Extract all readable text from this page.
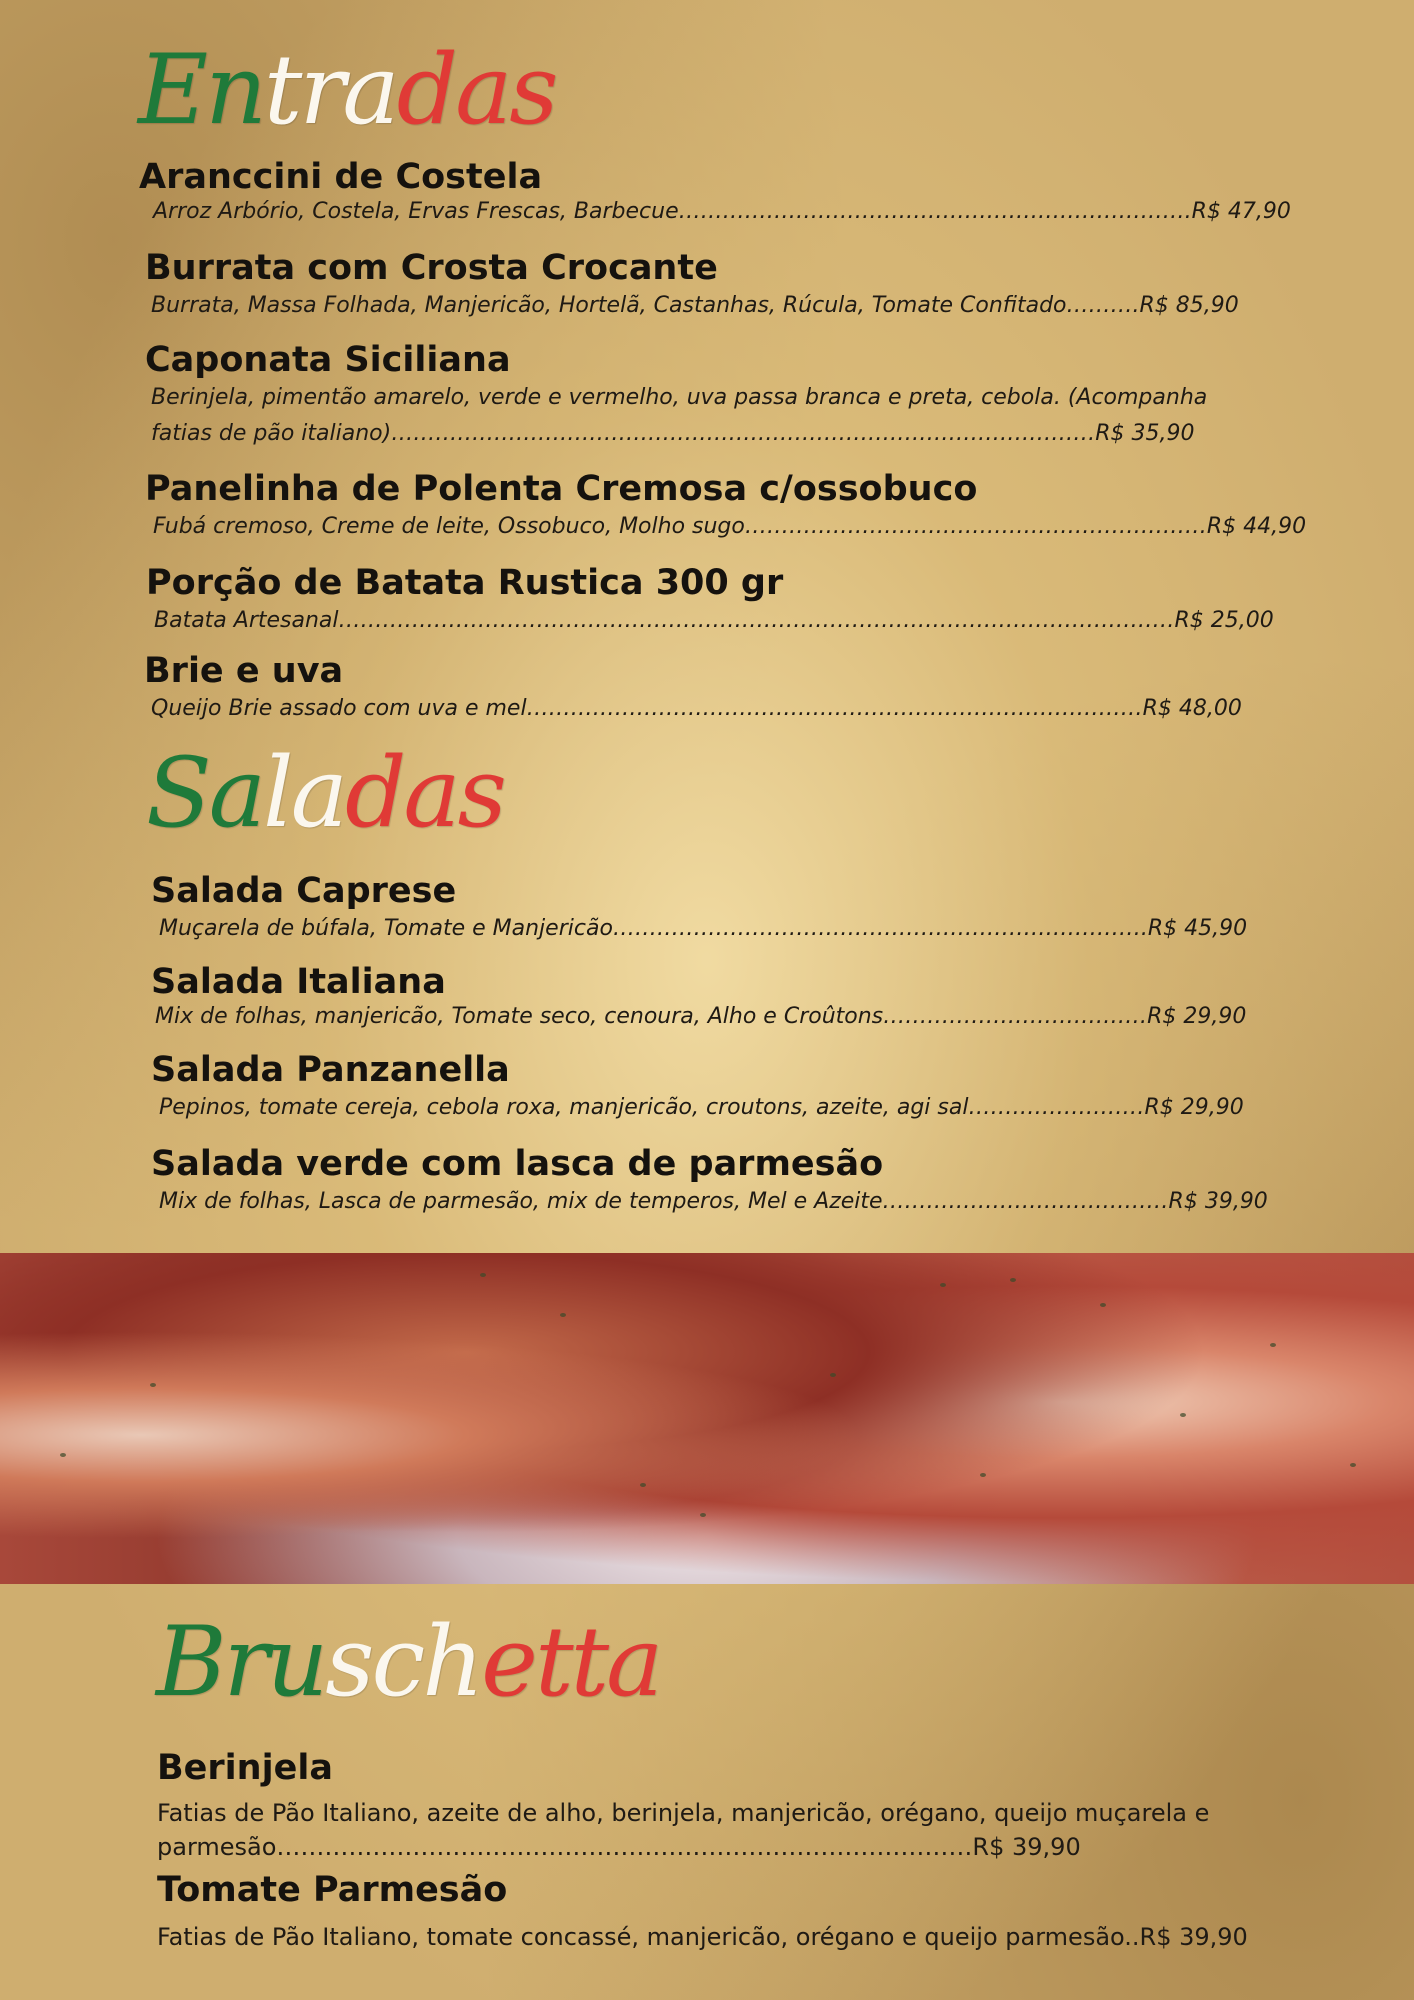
Entradas

Aranccini de Costela

Arroz Arbório, Costela, Ervas Frescas, Barbecue…………………………………………………………….R$ 47,90

Burrata com Crosta Crocante

Burrata, Massa Folhada, Manjericão, Hortelã, Castanhas, Rúcula, Tomate Confitado……….R$ 85,90

Caponata Siciliana

Berinjela, pimentão amarelo, verde e vermelho, uva passa branca e preta, cebola. (Acompanha fatias de pão italiano)……………………………………………………………………………………R$ 35,90

Panelinha de Polenta Cremosa c/ossobuco

Fubá cremoso, Creme de leite, Ossobuco, Molho sugo………………………………………………………R$ 44,90

Porção de Batata Rustica 300 gr

Batata Artesanal……………………………………………………………………………………………………R$ 25,00

Brie e uva

Queijo Brie assado com uva e mel…………………………………………………………………………R$ 48,00

Saladas

Salada Caprese

Muçarela de búfala, Tomate e Manjericão……………………………………………………………….R$ 45,90

Salada Italiana

Mix de folhas, manjericão, Tomate seco, cenoura, Alho e Croûtons………………………………R$ 29,90

Salada Panzanella

Pepinos, tomate cereja, cebola roxa, manjericão, croutons, azeite, agi sal……………………R$ 29,90

Salada verde com lasca de parmesão

Mix de folhas, Lasca de parmesão, mix de temperos, Mel e Azeite…………………………………R$ 39,90

Bruschetta

Berinjela

Fatias de Pão Italiano, azeite de alho, berinjela, manjericão, orégano, queijo muçarela e parmesão……………………………………………………………………………R$ 39,90

Tomate Parmesão

Fatias de Pão Italiano, tomate concassé, manjericão, orégano e queijo parmesão..R$ 39,90
